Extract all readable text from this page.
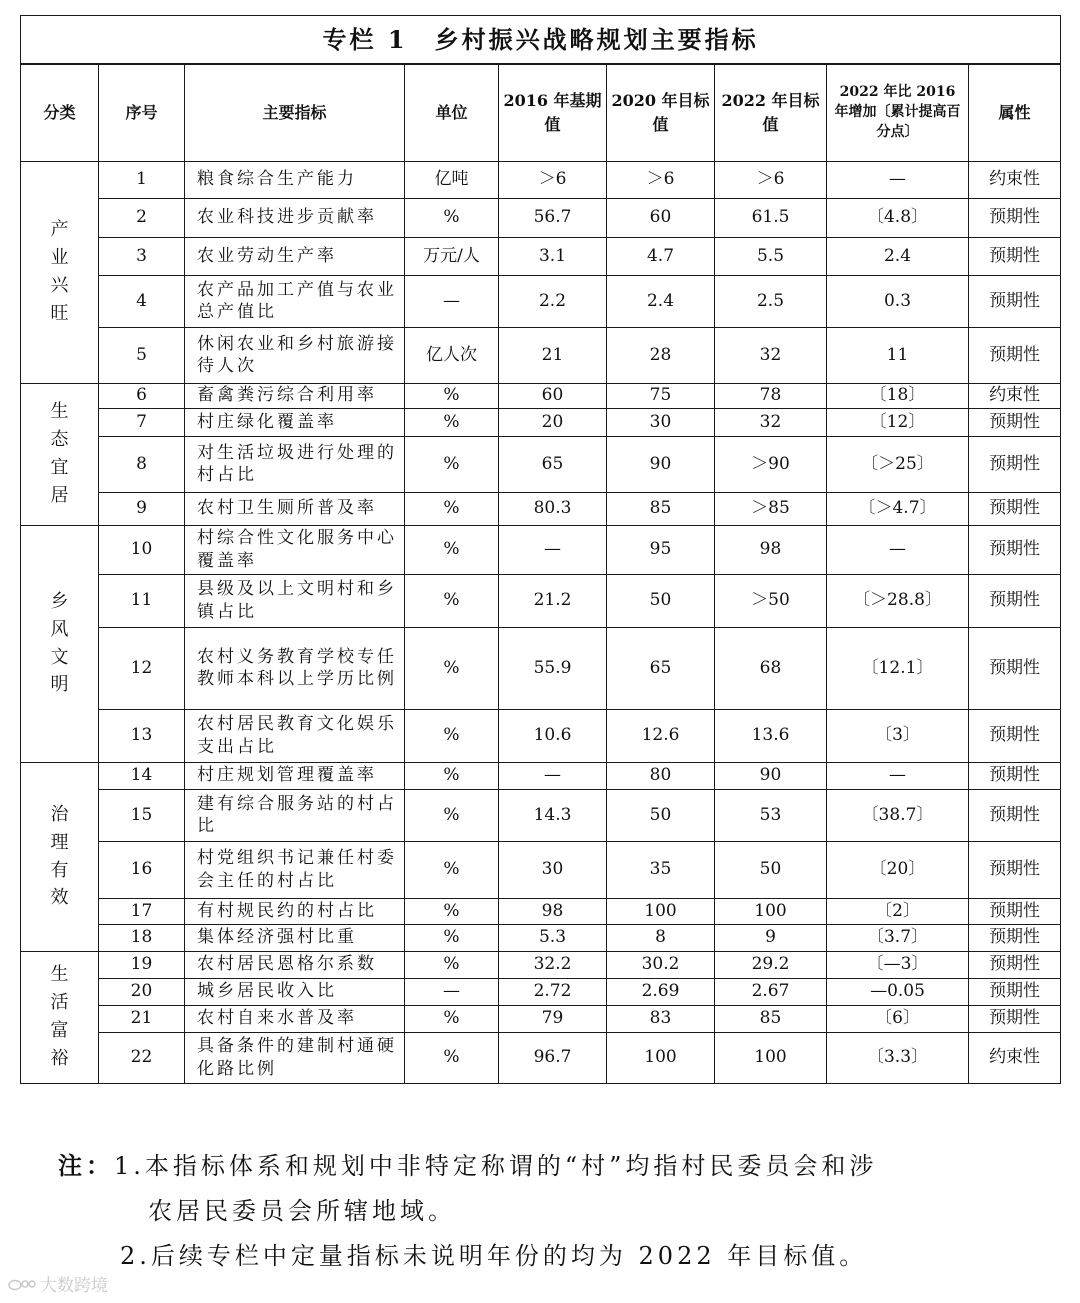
专栏 1　乡村振兴战略规划主要指标								
分类	序号	主要指标	单位	2016 年基期值	2020 年目标值	2022 年目标值	2022 年比 2016 年增加〔累计提高百分点〕	属性
产
业
兴
旺	1	粮食综合生产能力	亿吨	＞6	＞6	＞6	—	约束性
	2	农业科技进步贡献率	%	56.7	60	61.5	〔4.8〕	预期性
	3	农业劳动生产率	万元/人	3.1	4.7	5.5	2.4	预期性
	4	农产品加工产值与农业总产值比	—	2.2	2.4	2.5	0.3	预期性
	5	休闲农业和乡村旅游接待人次	亿人次	21	28	32	11	预期性
生
态
宜
居	6	畜禽粪污综合利用率	%	60	75	78	〔18〕	约束性
	7	村庄绿化覆盖率	%	20	30	32	〔12〕	预期性
	8	对生活垃圾进行处理的村占比	%	65	90	＞90	〔＞25〕	预期性
	9	农村卫生厕所普及率	%	80.3	85	＞85	〔＞4.7〕	预期性
乡
风
文
明	10	村综合性文化服务中心覆盖率	%	—	95	98	—	预期性
	11	县级及以上文明村和乡镇占比	%	21.2	50	＞50	〔＞28.8〕	预期性
	12	农村义务教育学校专任教师本科以上学历比例	%	55.9	65	68	〔12.1〕	预期性
	13	农村居民教育文化娱乐支出占比	%	10.6	12.6	13.6	〔3〕	预期性
治
理
有
效	14	村庄规划管理覆盖率	%	—	80	90	—	预期性
	15	建有综合服务站的村占比	%	14.3	50	53	〔38.7〕	预期性
	16	村党组织书记兼任村委会主任的村占比	%	30	35	50	〔20〕	预期性
	17	有村规民约的村占比	%	98	100	100	〔2〕	预期性
	18	集体经济强村比重	%	5.3	8	9	〔3.7〕	预期性
生
活
富
裕	19	农村居民恩格尔系数	%	32.2	30.2	29.2	〔—3〕	预期性
	20	城乡居民收入比	—	2.72	2.69	2.67	—0.05	预期性
	21	农村自来水普及率	%	79	83	85	〔6〕	预期性
	22	具备条件的建制村通硬化路比例	%	96.7	100	100	〔3.3〕	约束性
注：1.本指标体系和规划中非特定称谓的“村”均指村民委员会和涉
农居民委员会所辖地域。
2.后续专栏中定量指标未说明年份的均为 2022 年目标值。
大数跨境
